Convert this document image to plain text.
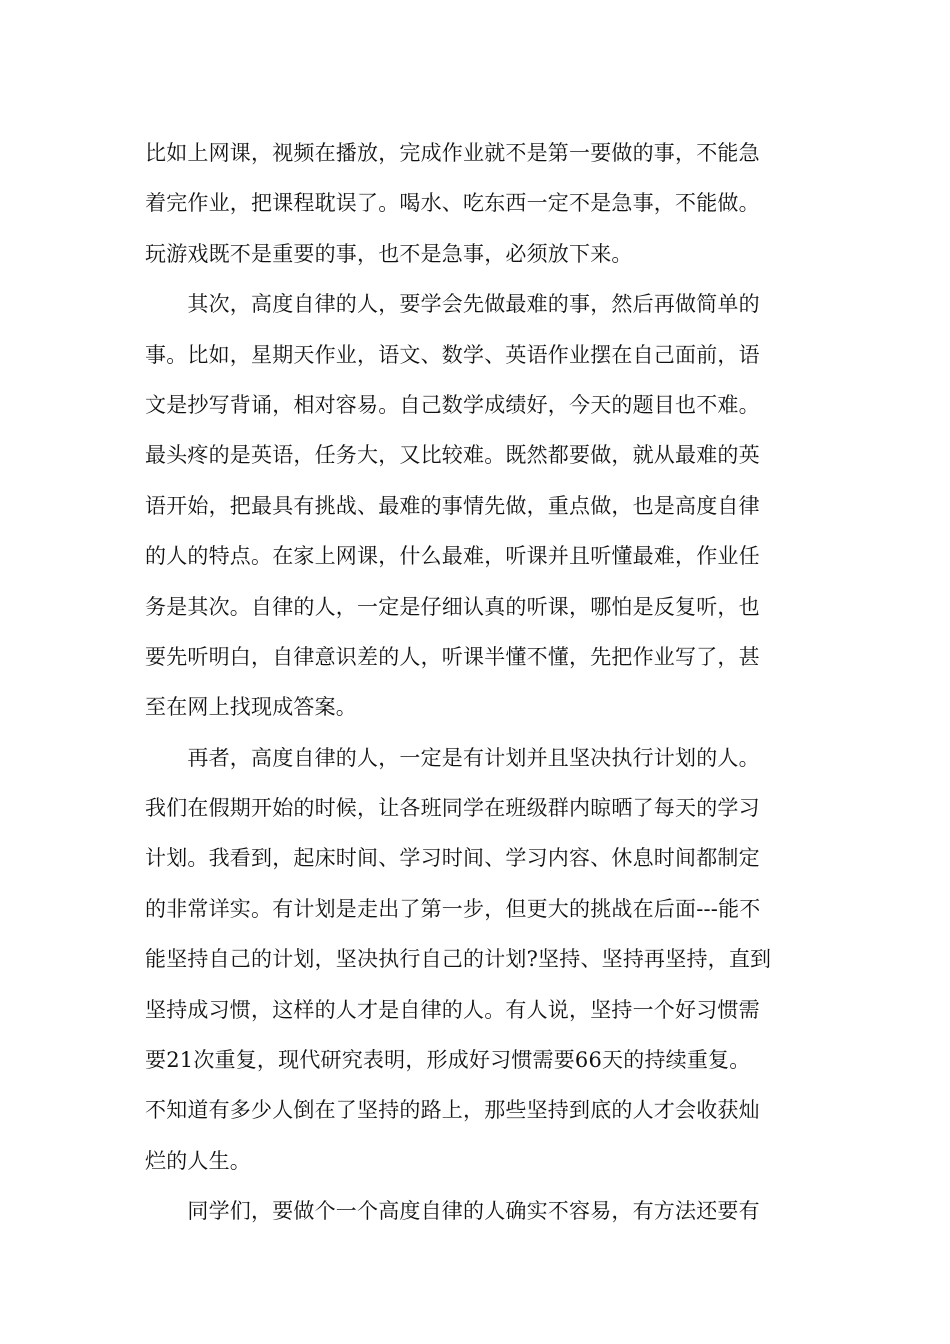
比如上网课，视频在播放，完成作业就不是第一要做的事，不能急
着完作业，把课程耽误了。喝水、吃东西一定不是急事，不能做。
玩游戏既不是重要的事，也不是急事，必须放下来。
　　其次，高度自律的人，要学会先做最难的事，然后再做简单的
事。比如，星期天作业，语文、数学、英语作业摆在自己面前，语
文是抄写背诵，相对容易。自己数学成绩好，今天的题目也不难。
最头疼的是英语，任务大，又比较难。既然都要做，就从最难的英
语开始，把最具有挑战、最难的事情先做，重点做，也是高度自律
的人的特点。在家上网课，什么最难，听课并且听懂最难，作业任
务是其次。自律的人，一定是仔细认真的听课，哪怕是反复听，也
要先听明白，自律意识差的人，听课半懂不懂，先把作业写了，甚
至在网上找现成答案。
　　再者，高度自律的人，一定是有计划并且坚决执行计划的人。
我们在假期开始的时候，让各班同学在班级群内晾晒了每天的学习
计划。我看到，起床时间、学习时间、学习内容、休息时间都制定
的非常详实。有计划是走出了第一步，但更大的挑战在后面---能不
能坚持自己的计划，坚决执行自己的计划?坚持、坚持再坚持，直到
坚持成习惯，这样的人才是自律的人。有人说，坚持一个好习惯需
要21次重复，现代研究表明，形成好习惯需要66天的持续重复。
不知道有多少人倒在了坚持的路上，那些坚持到底的人才会收获灿
烂的人生。
　　同学们，要做个一个高度自律的人确实不容易，有方法还要有
